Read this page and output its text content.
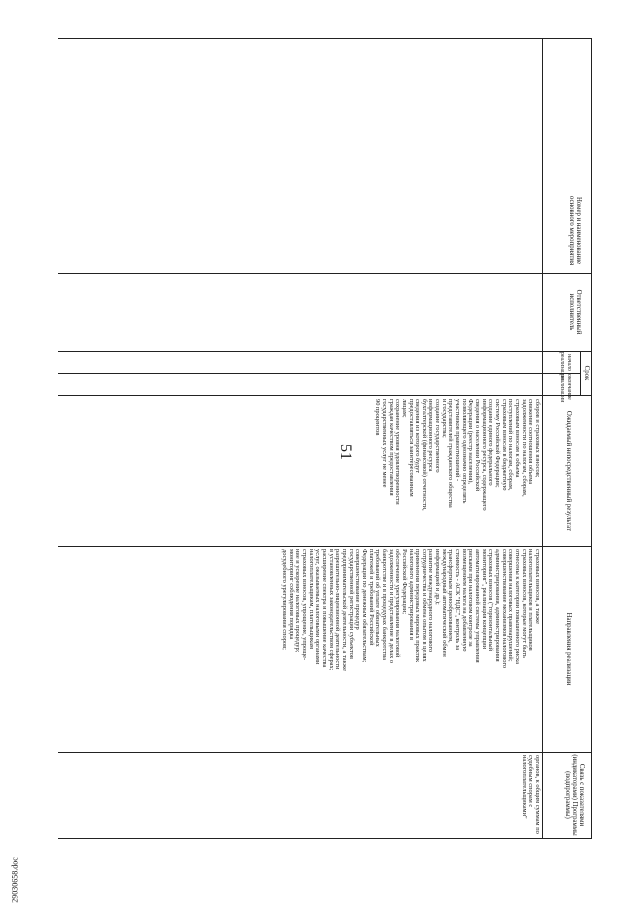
51
29030658.doc
Номер и наименование основного мероприятия
Ответственный исполнитель
Срок
начало реализации
окончание реализации
Ожидаемый непосредственный результат
Направления реализации
Связь с показателями (индикаторами) Программы (подпрограммы)
сборов и страховых взносов;
снижение соотношения объема
задолженности по налогам, сборам,
страховым взносам к объема
поступлений по налогам, сборам,
страховым взносам в бюджетную
систему Российской Федерации;
создание единого федерального
информационного ресурса, содержащего
сведения о населении Российской
Федерации (реестр населения),
позволяющего однозначно определять
участников правоотношений -
представителей гражданского общества
и государства;
создание государственного
информационного ресурса
бухгалтерской (финансовой) отчетности,
сведения из которого будут
предоставляться заинтересованным
лицам;
сохранение уровня удовлетворенности
граждан качеством предоставления
государственных услуг не менее
90 процентов
страховых взносов, а также
налогоплательщиков и плательщиков
страховых взносов, которые могут быть
отнесены к категории повышенного риска
совершения налоговых правонарушений;
совершенствование механизмов налогового
администрирования, администрирования
страховых взносов ("горизонтальный
мониторинг", реализация концепции
автоматизированной системы управления
рисками при налоговом контроле за
возмещением налога на добавленную
стоимость - АСК "НДС", контроль за
трансфертным ценообразованием,
международный автоматический обмен
информацией и др.);
развитие международного налогового
сотрудничества и обмена опытом в целях
применения передовых мировых практик
налогового администрирования в
Российской Федерации;
обеспечение урегулирования налоговой
задолженности и представление в делах о
банкротстве и в процедурах банкротства
требований об уплате обязательных
платежей и требований Российской
Федерации по денежным обязательствам;
совершенствование процедур
государственной регистрации субъектов
предпринимательской деятельности, а также
разрешительно-лицензионной деятельности
в установленных законодательством сферах;
расширение спектра и повышение качества
услуг, оказываемых налоговыми органами
налогоплательщикам, плательщикам
страховых взносов, упрощение, упроще-
ние и ускорение налоговых процедур;
мониторинг соблюдения порядка
досудебного урегулирования споров;
органов, к общим суммам по
судебным спорам с
налогоплательщиками"
